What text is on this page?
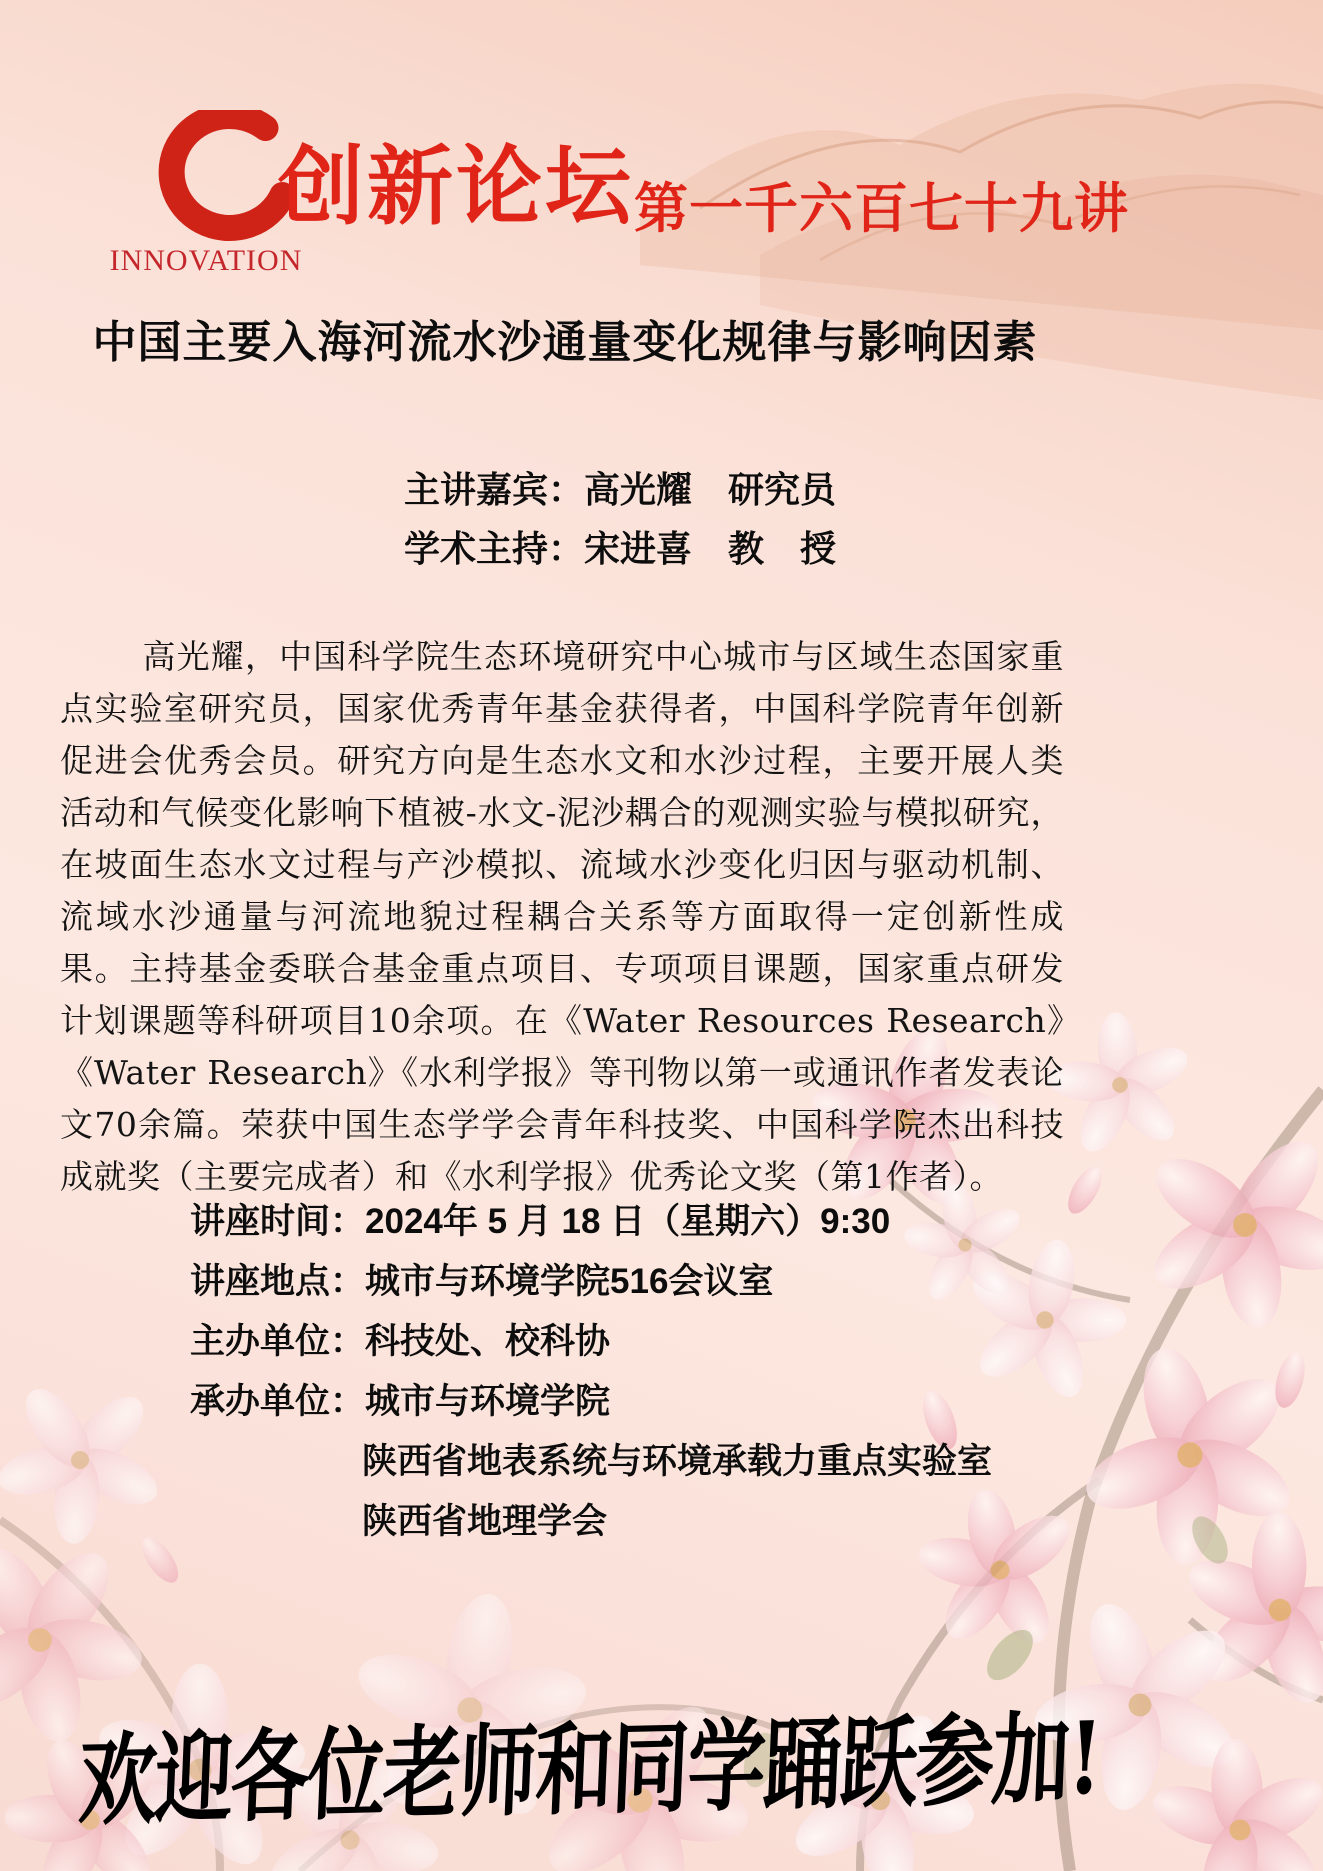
INNOVATION
创新论坛 第一千六百七十九讲
中国主要入海河流水沙通量变化规律与影响因素
主讲嘉宾：高光耀　研究员
学术主持：宋进喜　教　授

高光耀，中国科学院生态环境研究中心城市与区域生态国家重点实验室研究员，国家优秀青年基金获得者，中国科学院青年创新促进会优秀会员。研究方向是生态水文和水沙过程，主要开展人类活动和气候变化影响下植被-水文-泥沙耦合的观测实验与模拟研究，在坡面生态水文过程与产沙模拟、流域水沙变化归因与驱动机制、流域水沙通量与河流地貌过程耦合关系等方面取得一定创新性成果。主持基金委联合基金重点项目、专项项目课题，国家重点研发计划课题等科研项目10余项。在《Water Resources Research》《Water Research》《水利学报》等刊物以第一或通讯作者发表论文70余篇。荣获中国生态学学会青年科技奖、中国科学院杰出科技成就奖（主要完成者）和《水利学报》优秀论文奖（第1作者）。

讲座时间： 2024年 5 月 18 日（星期六）9:30
讲座地点： 城市与环境学院516会议室
主办单位： 科技处、校科协
承办单位： 城市与环境学院
陕西省地表系统与环境承载力重点实验室
陕西省地理学会
欢迎各位老师和同学踊跃参加!
